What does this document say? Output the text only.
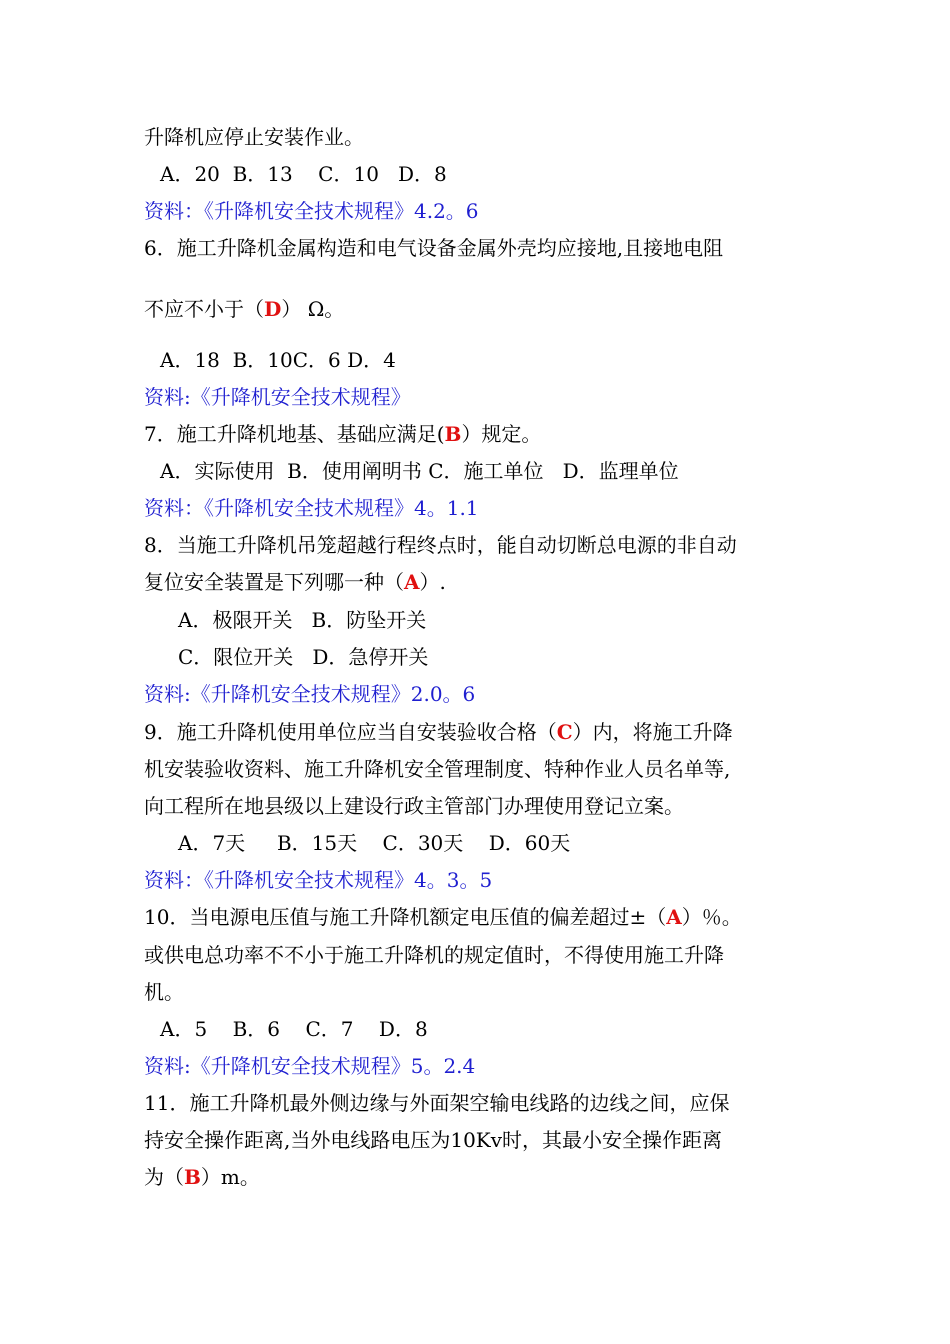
升降机应停止安装作业。
A．20  B．13    C．10   D．8
资料：《升降机安全技术规程》4.2。6
6．施工升降机金属构造和电气设备金属外壳均应接地,且接地电阻
不应不小于（D） Ω。
A．18  B．10C．6 D．4
资料:《升降机安全技术规程》
7．施工升降机地基、基础应满足(B）规定。
A．实际使用  B．使用阐明书 C．施工单位   D．监理单位
资料：《升降机安全技术规程》4。1.1
8．当施工升降机吊笼超越行程终点时，能自动切断总电源的非自动
复位安全装置是下列哪一种（A）.
A．极限开关   B．防坠开关
C．限位开关   D．急停开关
资料:《升降机安全技术规程》2.0。6
9．施工升降机使用单位应当自安装验收合格（C）内，将施工升降
机安装验收资料、施工升降机安全管理制度、特种作业人员名单等,
向工程所在地县级以上建设行政主管部门办理使用登记立案。
A．7天     B．15天    C．30天    D．60天
资料：《升降机安全技术规程》4。3。5
10．当电源电压值与施工升降机额定电压值的偏差超过±（A）％。
或供电总功率不不小于施工升降机的规定值时，不得使用施工升降
机。
A．5    B．6    C．7    D．8
资料:《升降机安全技术规程》5。2.4
11．施工升降机最外侧边缘与外面架空输电线路的边线之间，应保
持安全操作距离,当外电线路电压为10Kv时，其最小安全操作距离
为（B）m。
